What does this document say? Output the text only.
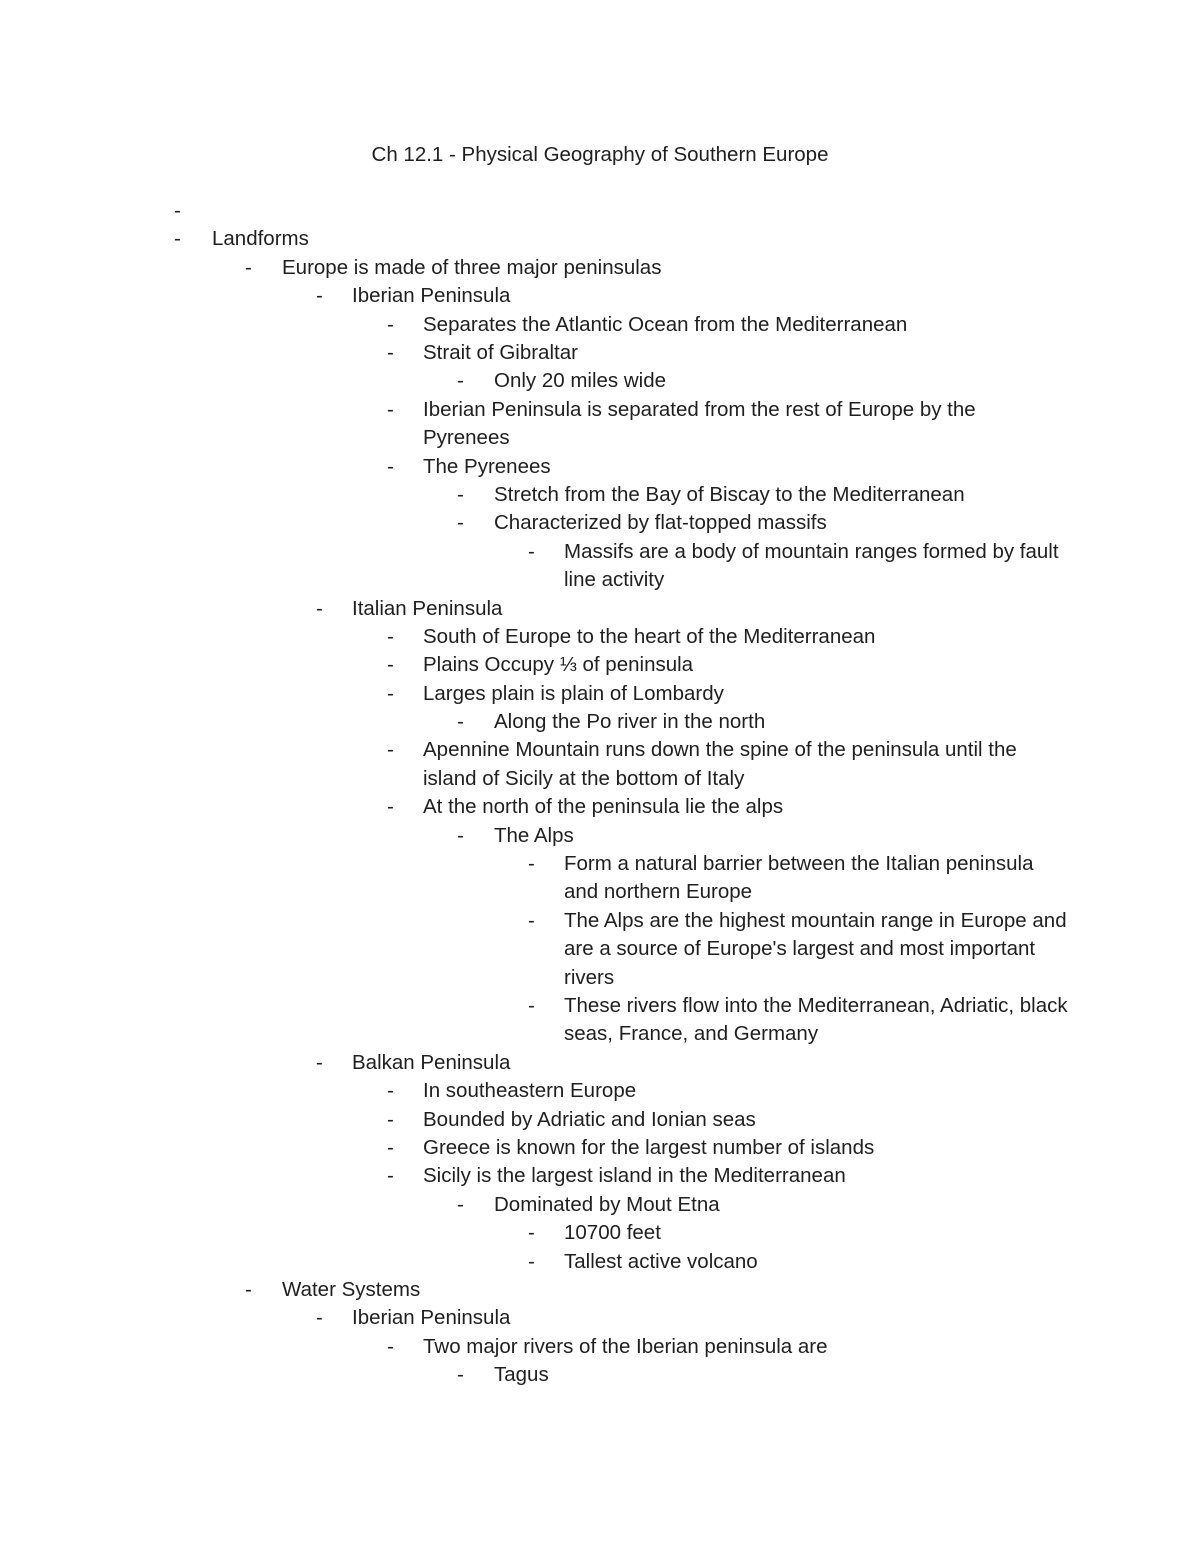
Ch 12.1 - Physical Geography of Southern Europe
-
-	Landforms
-	Europe is made of three major peninsulas
-	Iberian Peninsula
-	Separates the Atlantic Ocean from the Mediterranean
-	Strait of Gibraltar
-	Only 20 miles wide
-	Iberian Peninsula is separated from the rest of Europe by the Pyrenees
-	The Pyrenees
-	Stretch from the Bay of Biscay to the Mediterranean
-	Characterized by flat-topped massifs
-	Massifs are a body of mountain ranges formed by fault line activity
-	Italian Peninsula
-	South of Europe to the heart of the Mediterranean
-	Plains Occupy ⅓ of peninsula
-	Larges plain is plain of Lombardy
-	Along the Po river in the north
-	Apennine Mountain runs down the spine of the peninsula until the island of Sicily at the bottom of Italy
-	At the north of the peninsula lie the alps
-	The Alps
-	Form a natural barrier between the Italian peninsula and northern Europe
-	The Alps are the highest mountain range in Europe and are a source of Europe's largest and most important rivers
-	These rivers flow into the Mediterranean, Adriatic, black seas, France, and Germany
-	Balkan Peninsula
-	In southeastern Europe
-	Bounded by Adriatic and Ionian seas
-	Greece is known for the largest number of islands
-	Sicily is the largest island in the Mediterranean
-	Dominated by Mout Etna
-	10700 feet
-	Tallest active volcano
-	Water Systems
-	Iberian Peninsula
-	Two major rivers of the Iberian peninsula are
-	Tagus
